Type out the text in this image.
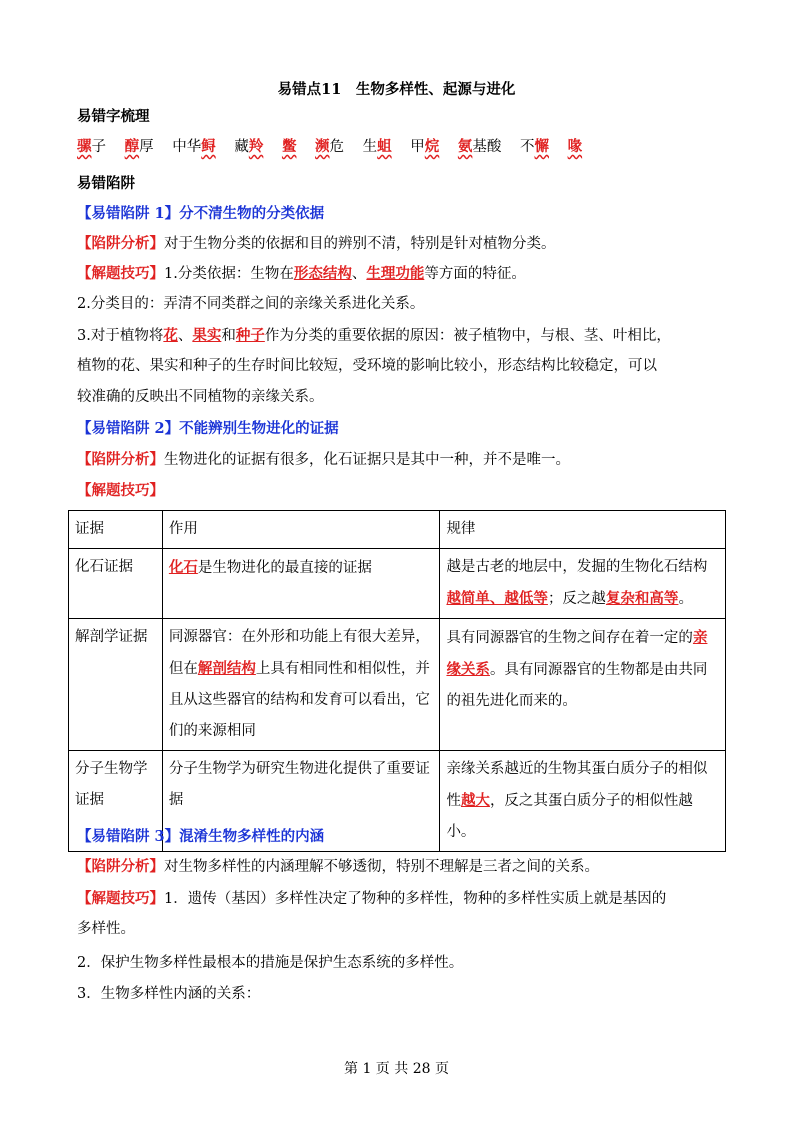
易错点11　生物多样性、起源与进化
易错字梳理
骡子 醇厚 中华鲟 藏羚 鳖 濒危 生蛆 甲烷 氨基酸 不懈 喙
易错陷阱
【易错陷阱 1】分不清生物的分类依据
【陷阱分析】对于生物分类的依据和目的辨别不清，特别是针对植物分类。
【解题技巧】1.分类依据：生物在形态结构、生理功能等方面的特征。
2.分类目的：弄清不同类群之间的亲缘关系进化关系。
3.对于植物将花、果实和种子作为分类的重要依据的原因：被子植物中，与根、茎、叶相比，
植物的花、果实和种子的生存时间比较短，受环境的影响比较小，形态结构比较稳定，可以
较准确的反映出不同植物的亲缘关系。
【易错陷阱 2】不能辨别生物进化的证据
【陷阱分析】生物进化的证据有很多，化石证据只是其中一种，并不是唯一。
【解题技巧】
证据	作用	规律
化石证据	化石是生物进化的最直接的证据	越是古老的地层中，发掘的生物化石结构越简单、越低等；反之越复杂和高等。
解剖学证据	同源器官：在外形和功能上有很大差异，但在解剖结构上具有相同性和相似性，并且从这些器官的结构和发育可以看出，它们的来源相同	具有同源器官的生物之间存在着一定的亲缘关系。具有同源器官的生物都是由共同的祖先进化而来的。
分子生物学证据	分子生物学为研究生物进化提供了重要证据	亲缘关系越近的生物其蛋白质分子的相似性越大，反之其蛋白质分子的相似性越小。
【易错陷阱 3】混淆生物多样性的内涵
【陷阱分析】对生物多样性的内涵理解不够透彻，特别不理解是三者之间的关系。
【解题技巧】1．遗传（基因）多样性决定了物种的多样性，物种的多样性实质上就是基因的
多样性。
2．保护生物多样性最根本的措施是保护生态系统的多样性。
3．生物多样性内涵的关系：
第 1 页 共 28 页
